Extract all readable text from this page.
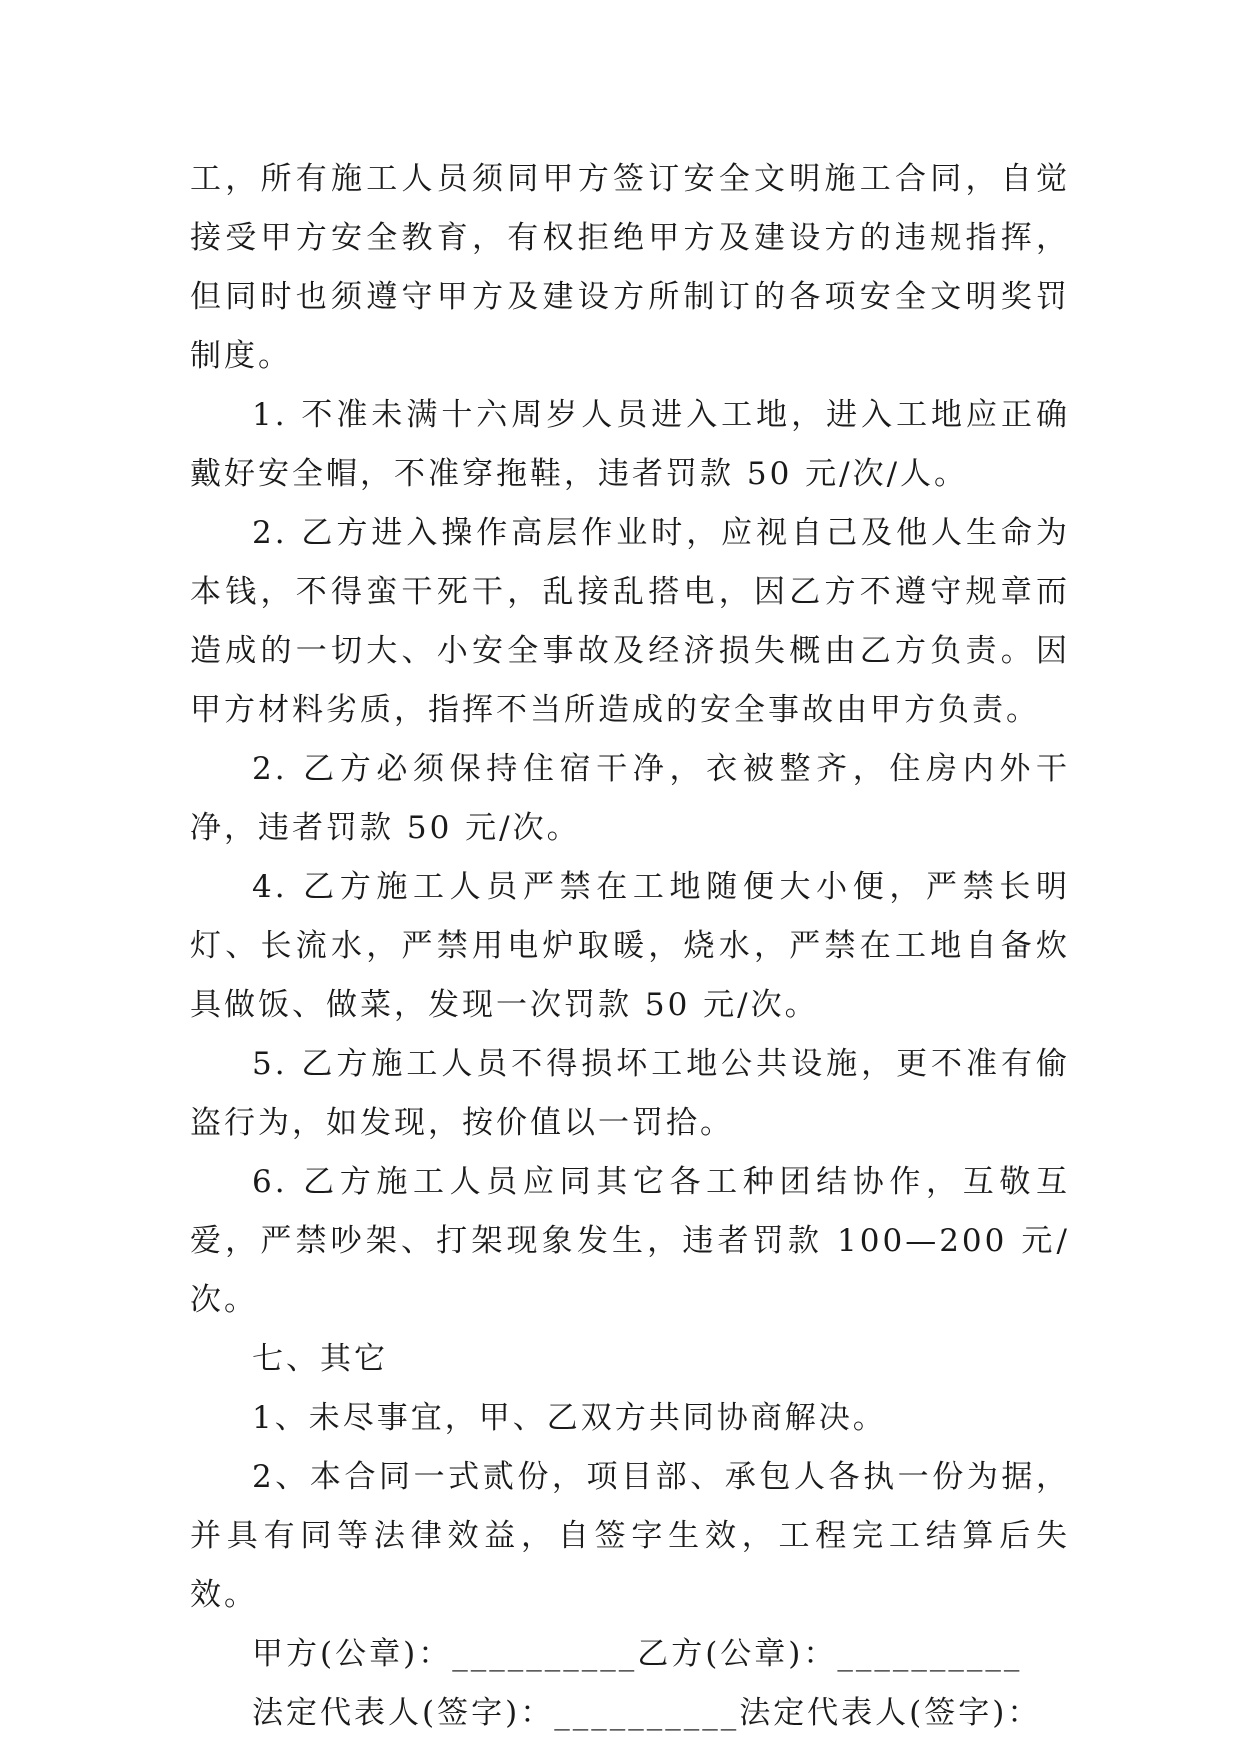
工，所有施工人员须同甲方签订安全文明施工合同，自觉接受甲方安全教育，有权拒绝甲方及建设方的违规指挥，但同时也须遵守甲方及建设方所制订的各项安全文明奖罚制度。

1. 不准未满十六周岁人员进入工地，进入工地应正确戴好安全帽，不准穿拖鞋，违者罚款 50 元/次/人。

2. 乙方进入操作高层作业时，应视自己及他人生命为本钱，不得蛮干死干，乱接乱搭电，因乙方不遵守规章而造成的一切大、小安全事故及经济损失概由乙方负责。因甲方材料劣质，指挥不当所造成的安全事故由甲方负责。

2. 乙方必须保持住宿干净，衣被整齐，住房内外干净，违者罚款 50 元/次。

4. 乙方施工人员严禁在工地随便大小便，严禁长明灯、长流水，严禁用电炉取暖，烧水，严禁在工地自备炊具做饭、做菜，发现一次罚款 50 元/次。

5. 乙方施工人员不得损坏工地公共设施，更不准有偷盗行为，如发现，按价值以一罚拾。

6. 乙方施工人员应同其它各工种团结协作，互敬互爱，严禁吵架、打架现象发生，违者罚款 100—200 元/次。

七、其它

1、未尽事宜，甲、乙双方共同协商解决。

2、本合同一式贰份，项目部、承包人各执一份为据，并具有同等法律效益，自签字生效，工程完工结算后失效。

甲方(公章)：__________乙方(公章)：__________

法定代表人(签字)：__________法定代表人(签字)：
